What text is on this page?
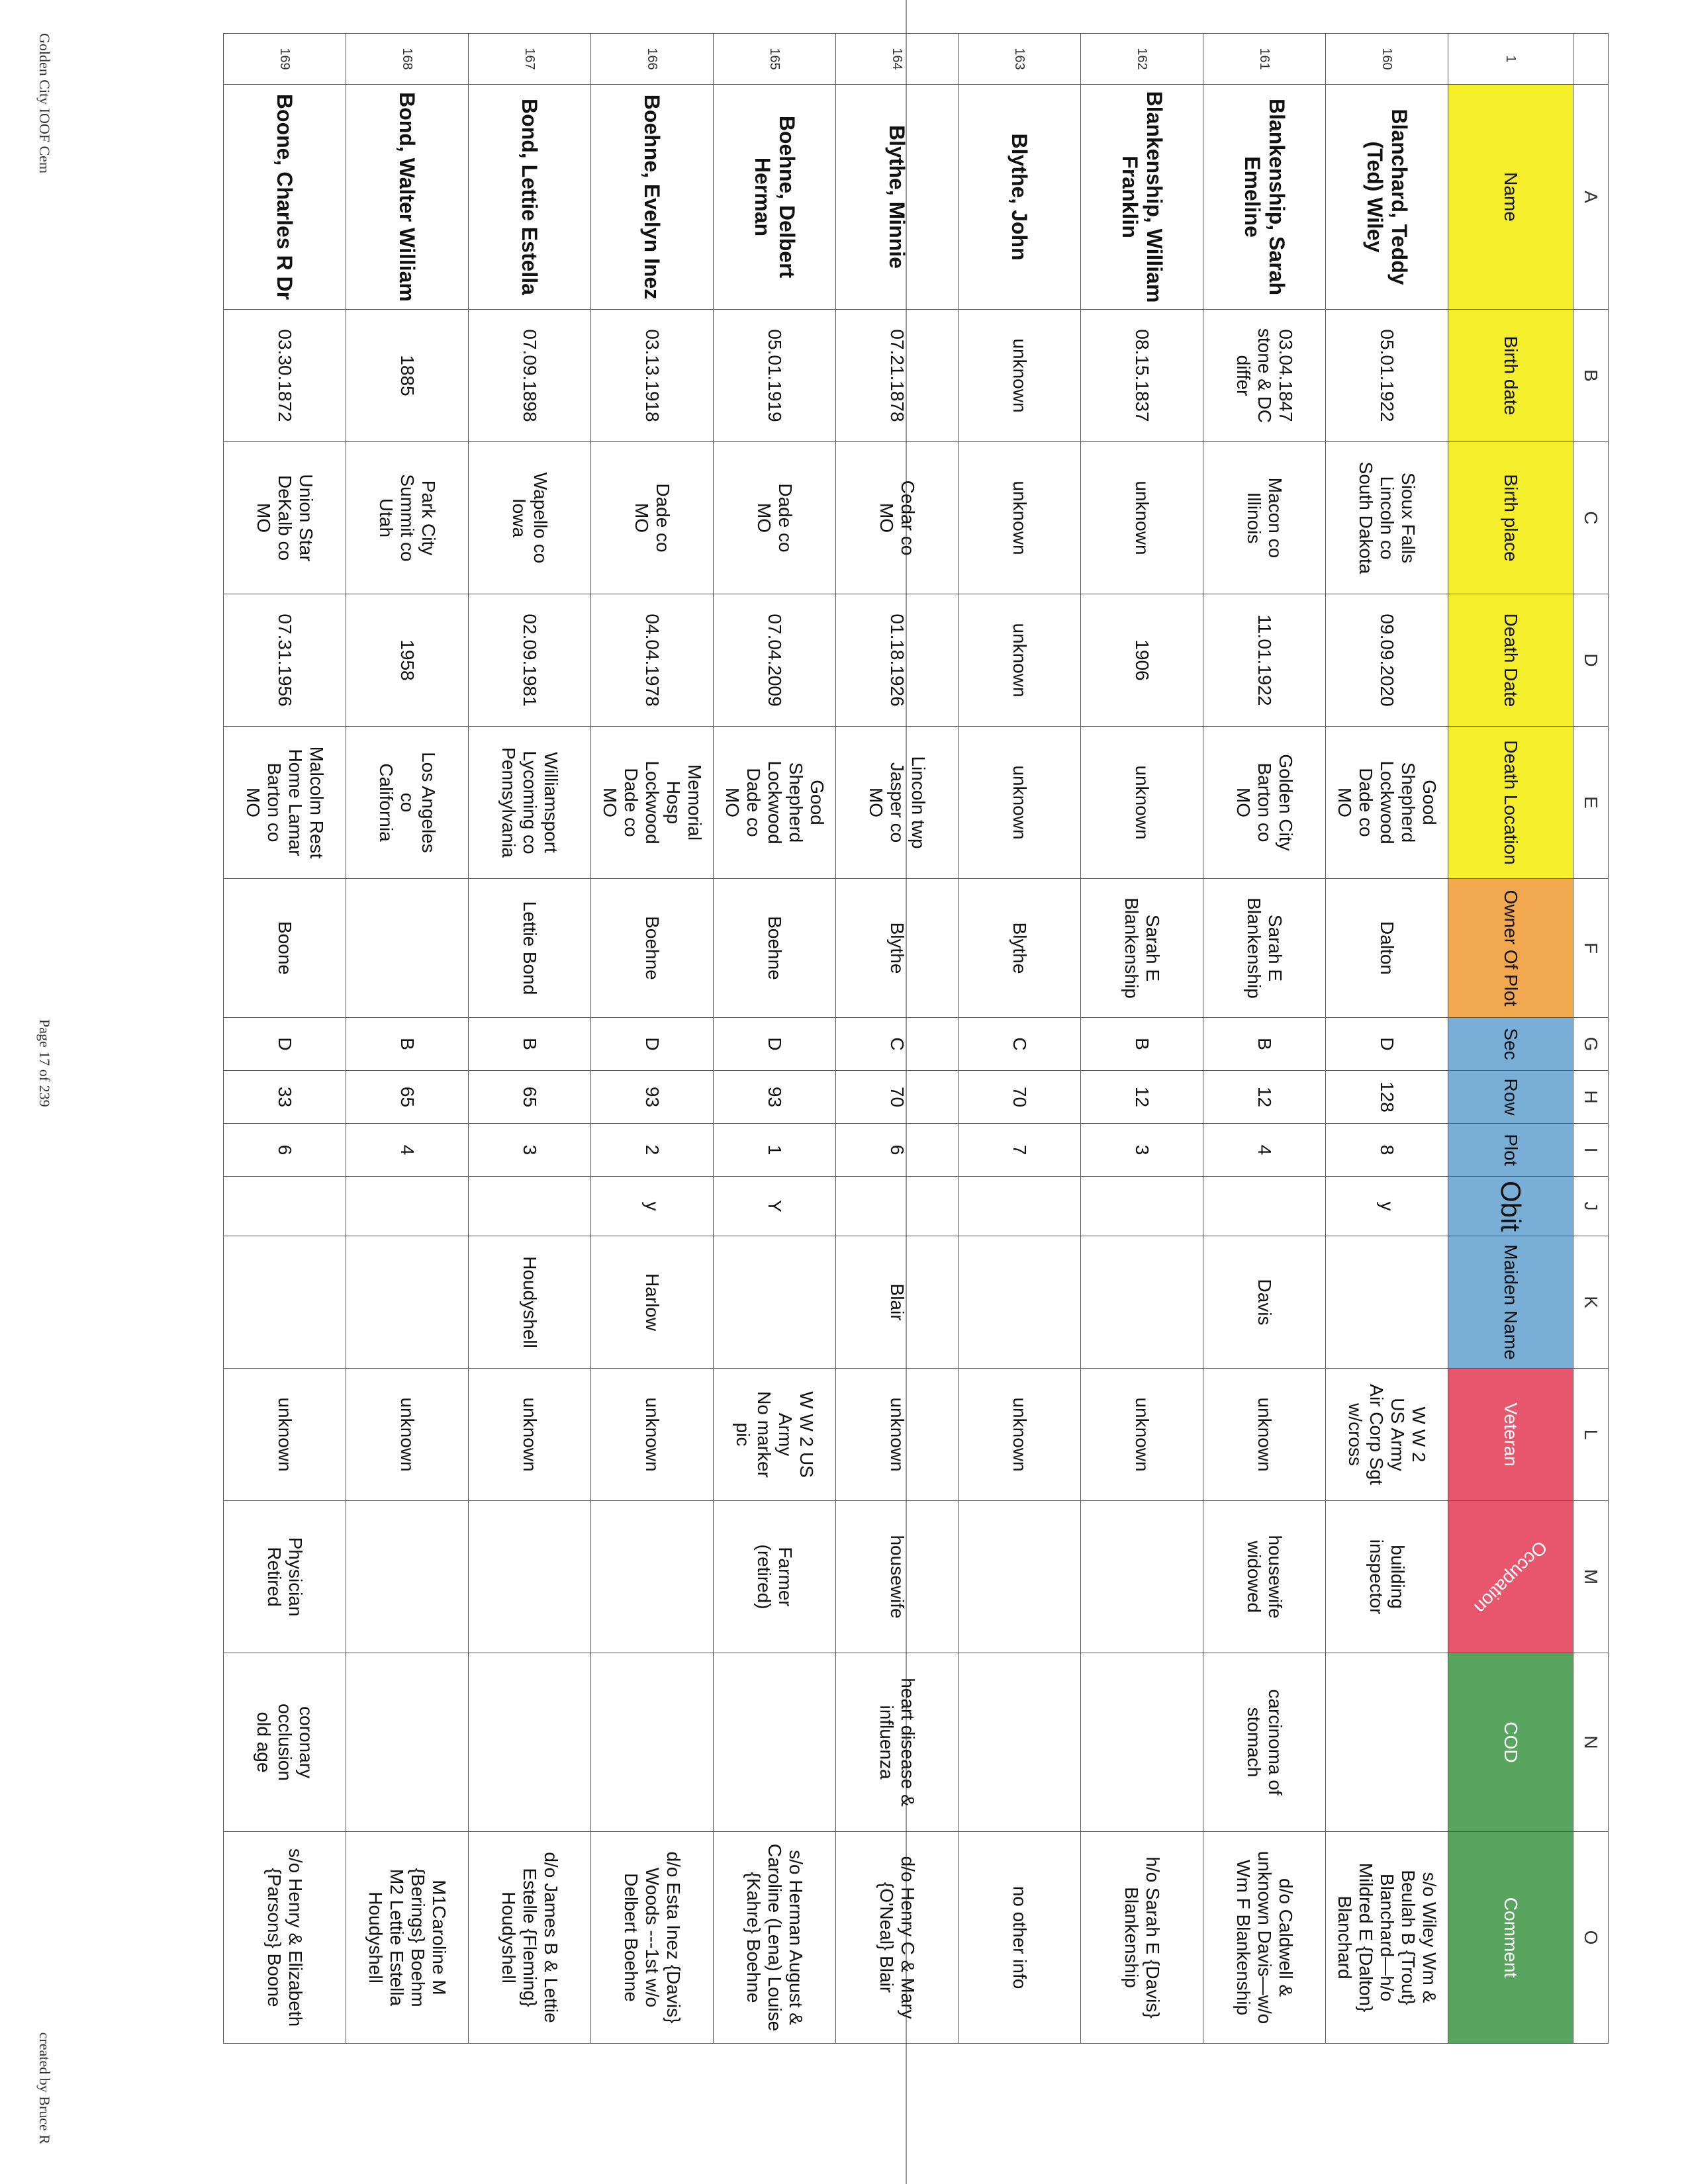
	A	B	C	D	E	F	G	H	I	J	K	L	M	N	O
1	Name	Birth date	Birth place	Death Date	Death Location	Owner Of Plot	Sec	Row	Plot	Obit	Maiden Name	Veteran	Occupation	COD	Comment
160	Blanchard, Teddy (Ted) Wiley	05.01.1922	Sioux Falls
Lincoln co
South Dakota	09.09.2020	Good
Shepherd
Lockwood
Dade co
MO	Dalton	D	128	8	y		W W 2
US Army
Air Corp Sgt
w/cross	building
inspector		s/o Wiley Wm &
Beulah B {Trout}
Blanchard—h/o
Mildred E {Dalton}
Blanchard
161	Blankenship, Sarah Emeline	03.04.1847
stone & DC
differ	Macon co
Illinois	11.01.1922	Golden City
Barton co
MO	Sarah E
Blankenship	B	12	4		Davis	unknown	housewife
widowed	carcinoma of
stomach	d/o Caldwell &
unknown Davis—w/o
Wm F Blankenship
162	Blankenship, William Franklin	08.15.1837	unknown	1906	unknown	Sarah E
Blankenship	B	12	3			unknown			h/o Sarah E {Davis}
Blankenship
163	Blythe, John	unknown	unknown	unknown	unknown	Blythe	C	70	7			unknown			no other info
164	Blythe, Minnie	07.21.1878	Cedar co
MO	01.18.1926	Lincoln twp
Jasper co
MO	Blythe	C	70	6		Blair	unknown	housewife	heart disease &
influenza	d/o Henry C & Mary
{O'Neal} Blair
165	Boehne, Delbert Herman	05.01.1919	Dade co
MO	07.04.2009	Good
Shepherd
Lockwood
Dade co
MO	Boehne	D	93	1	Y		W W 2 US
Army
No marker
pic	Farmer
(retired)		s/o Herman August &
Caroline (Lena) Louise
{Kahre} Boehne
166	Boehne, Evelyn Inez	03.13.1918	Dade co
MO	04.04.1978	Memorial
Hosp
Lockwood
Dade co
MO	Boehne	D	93	2	y	Harlow	unknown			d/o Esta Inez {Davis}
Woods ---1st w/o
Delbert Boehne
167	Bond, Lettie Estella	07.09.1898	Wapello co
Iowa	02.09.1981	Williamsport
Lycoming co
Pennsylvania	Lettie Bond	B	65	3		Houdyshell	unknown			d/o James B & Lettie
Estelle {Fleming}
Houdyshell
168	Bond, Walter William	1885	Park City
Summit co
Utah	1958	Los Angeles
co
California		B	65	4			unknown			M1Caroline M
{Berings} Boehm
M2 Lettie Estella
Houdyshell
169	Boone, Charles R Dr	03.30.1872	Union Star
DeKalb co
MO	07.31.1956	Malcolm Rest
Home Lamar
Barton co
MO	Boone	D	33	6			unknown	Physician
Retired	coronary
occlusion
old age	s/o Henry & Elizabeth
{Parsons} Boone
Golden City IOOF Cem
Page 17 of 239
created by Bruce R
